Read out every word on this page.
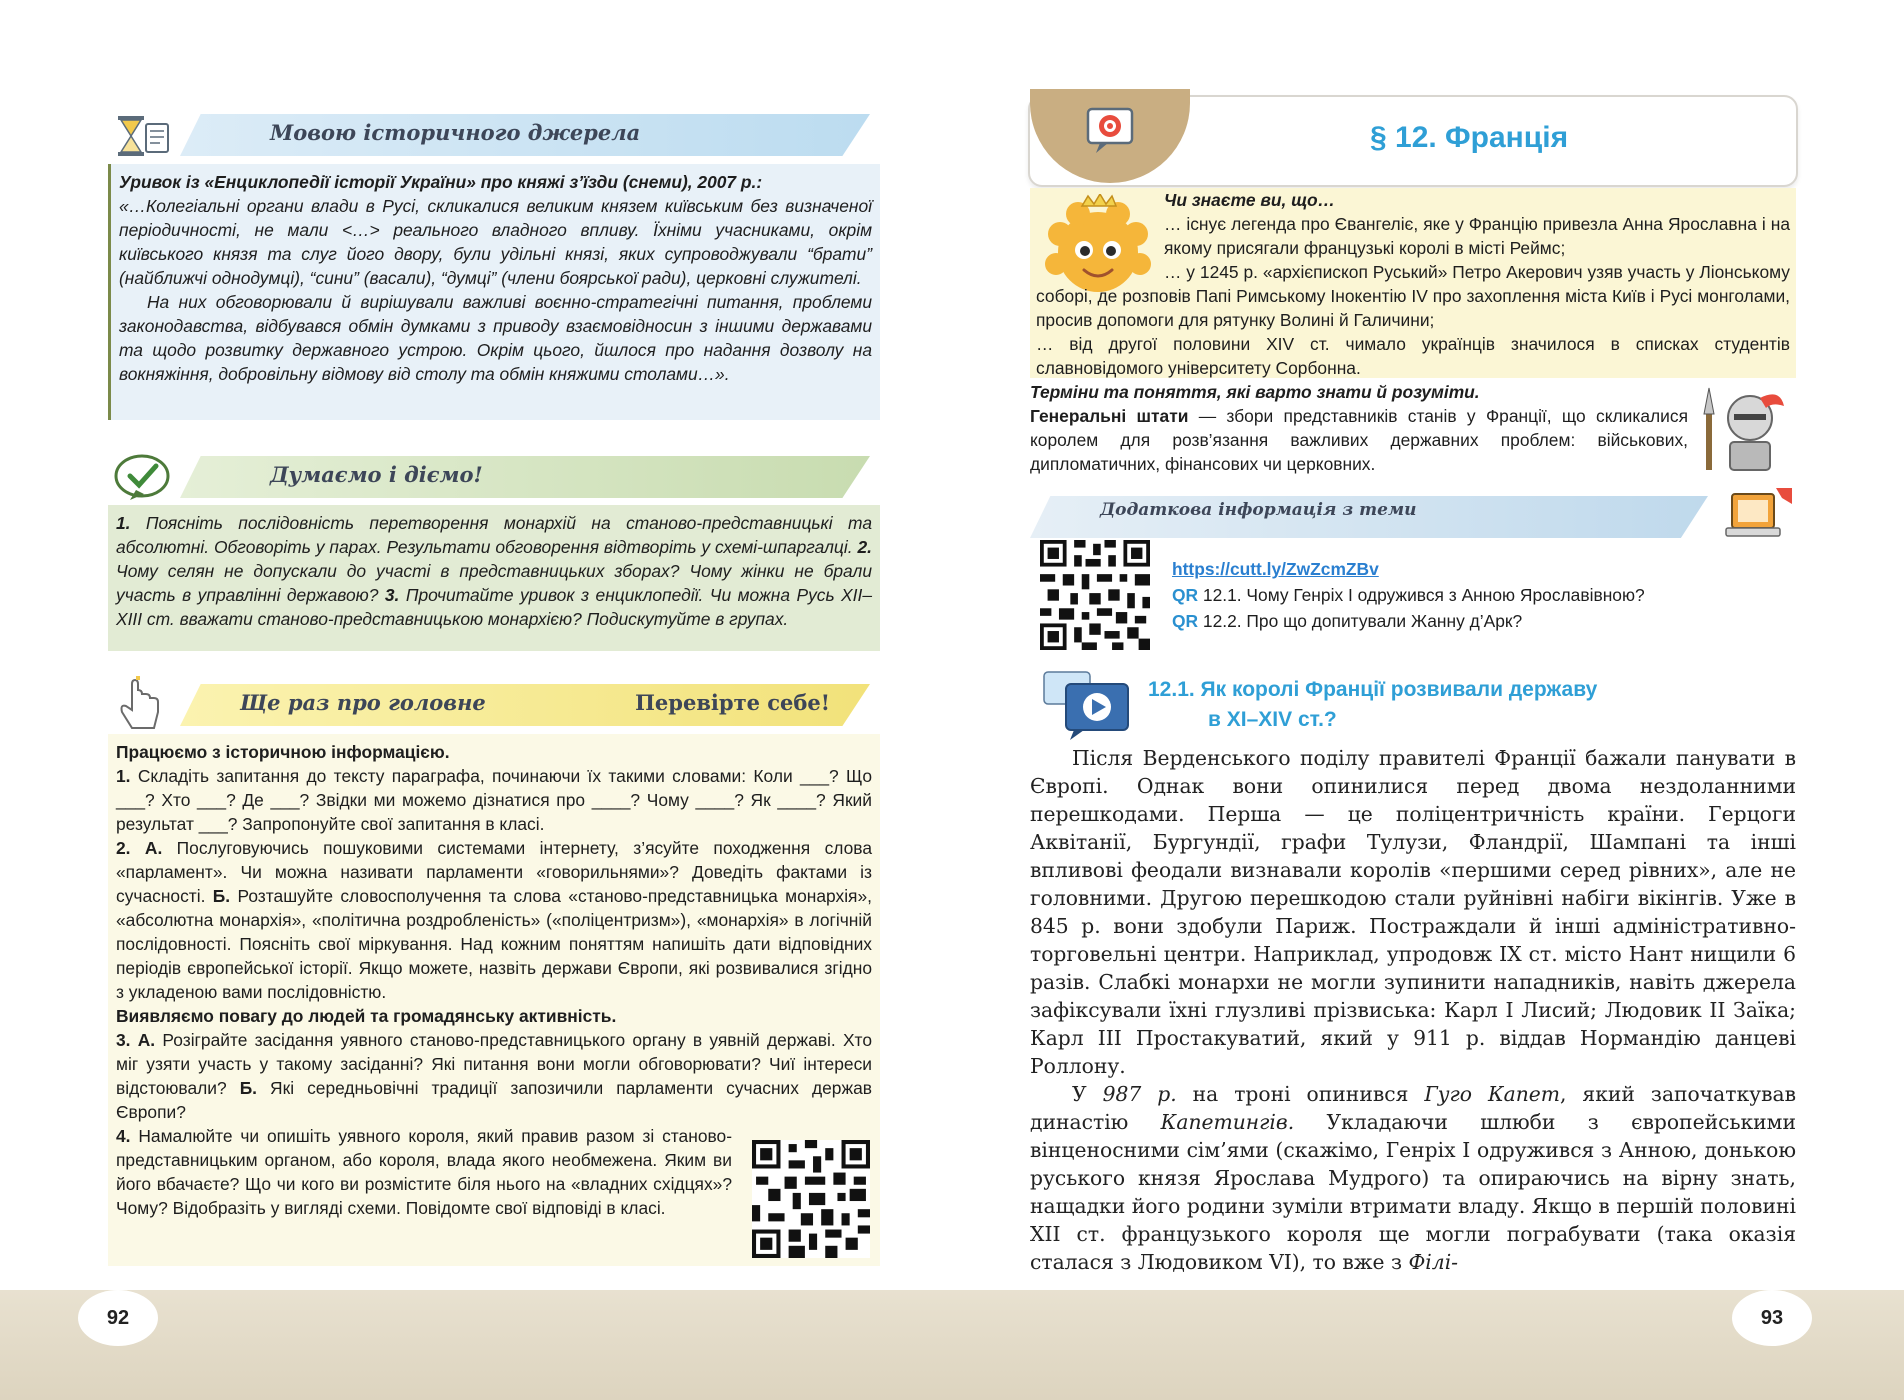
Мовою історичного джерела

Уривок із «Енциклопедії історії України» про княжі з’їзди (снеми), 2007 р.:

«…Колегіальні органи влади в Русі, скликалися великим князем київським без визначеної періодичності, не мали <…> реального владного впливу. Їхніми учасниками, окрім київського князя та слуг його двору, були удільні князі, яких супроводжували “брати” (найближчі однодумці), “сини” (васали), “думці” (члени боярської ради), церковні служителі.

На них обговорювали й вирішували важливі воєнно-стратегічні питання, проблеми законодавства, відбувався обмін думками з приводу взаємовідносин з іншими державами та щодо розвитку державного устрою. Окрім цього, йшлося про надання дозволу на вокняжіння, добровільну відмову від столу та обмін княжими столами…».

Думаємо і діємо!

1. Поясніть послідовність перетворення монархій на станово-представницькі та абсолютні. Обговоріть у парах. Результати обговорення відтворіть у схемі-шпаргалці. 2. Чому селян не допускали до участі в представницьких зборах? Чому жінки не брали участь в управлінні державою? 3. Прочитайте уривок з енциклопедії. Чи можна Русь XII–XIII ст. вважати станово-представницькою монархією? Подискутуйте в групах.

Ще раз про головне	Перевірте себе!

Працюємо з історичною інформацією.

1. Складіть запитання до тексту параграфа, починаючи їх такими словами: Коли ___? Що ___? Хто ___? Де ___? Звідки ми можемо дізнатися про ____? Чому ____? Як ____? Який результат ___? Запропонуйте свої запитання в класі.

2. А. Послуговуючись пошуковими системами інтернету, з’ясуйте походження слова «парламент». Чи можна називати парламенти «говорильнями»? Доведіть фактами із сучасності. Б. Розташуйте словосполучення та слова «станово-представницька монархія», «абсолютна монархія», «політична роздробленість» («поліцентризм»), «монархія» в логічній послідовності. Поясніть свої міркування. Над кожним поняттям напишіть дати відповідних періодів європейської історії. Якщо можете, назвіть держави Європи, які розвивалися згідно з укладеною вами послідовністю.

Виявляємо повагу до людей та громадянську активність.

3. А. Розіграйте засідання уявного станово-представницького органу в уявній державі. Хто міг узяти участь у такому засіданні? Які питання вони могли обговорювати? Чиї інтереси відстоювали? Б. Які середньовічні традиції запозичили парламенти сучасних держав Європи?

4. Намалюйте чи опишіть уявного короля, який правив разом зі станово-представницьким органом, або короля, влада якого необмежена. Яким ви його вбачаєте? Що чи кого ви розмістите біля нього на «владних східцях»? Чому? Відобразіть у вигляді схеми. Повідомте свої відповіді в класі.

92
§ 12. Франція

Чи знаєте ви, що…

… існує легенда про Євангеліє, яке у Францію привезла Анна Ярославна і на якому присягали французькі королі в місті Реймс;

… у 1245 р. «архієпископ Руський» Петро Акерович узяв участь у Ліонському соборі, де розповів Папі Римському Інокентію IV про захоплення міста Київ і Русі монголами, просив допомоги для рятунку Волині й Галичини;

… від другої половини XIV ст. чимало українців значилося в списках студентів славновідомого університету Сорбонна.

Терміни та поняття, які варто знати й розуміти.

Генеральні штати — збори представників станів у Франції, що скликалися королем для розв’язання важливих державних проблем: військових, дипломатичних, фінансових чи церковних.

Додаткова інформація з теми
https://cutt.ly/ZwZcmZBv
QR 12.1. Чому Генріх I одружився з Анною Ярославівною?
QR 12.2. Про що допитували Жанну д’Арк?
12.1. Як королі Франції розвивали державу
в XI–XIV ст.?

Після Верденського поділу правителі Франції бажали панувати в Європі. Однак вони опинилися перед двома нездоланними перешкодами. Перша — це поліцентричність країни. Герцоги Аквітанії, Бургундії, графи Тулузи, Фландрії, Шампані та інші впливові феодали визнавали королів «першими серед рівних», але не головними. Другою перешкодою стали руйнівні набіги вікінгів. Уже в 845 р. вони здобули Париж. Постраждали й інші адміністративно-торговельні центри. Наприклад, упродовж IX ст. місто Нант нищили 6 разів. Слабкі монархи не могли зупинити нападників, навіть джерела зафіксували їхні глузливі прізвиська: Карл I Лисий; Людовик II Заїка; Карл III Простакуватий, який у 911 р. віддав Нормандію данцеві Роллону.

У 987 р. на троні опинився Гуго Капет, який започаткував династію Капетингів. Укладаючи шлюби з європейськими вінценосними сім’ями (скажімо, Генріх I одружився з Анною, донькою руського князя Ярослава Мудрого) та опираючись на вірну знать, нащадки його родини зуміли втримати владу. Якщо в першій половині XII ст. французького короля ще могли пограбувати (така оказія сталася з Людовиком VI), то вже з Філі-

93
